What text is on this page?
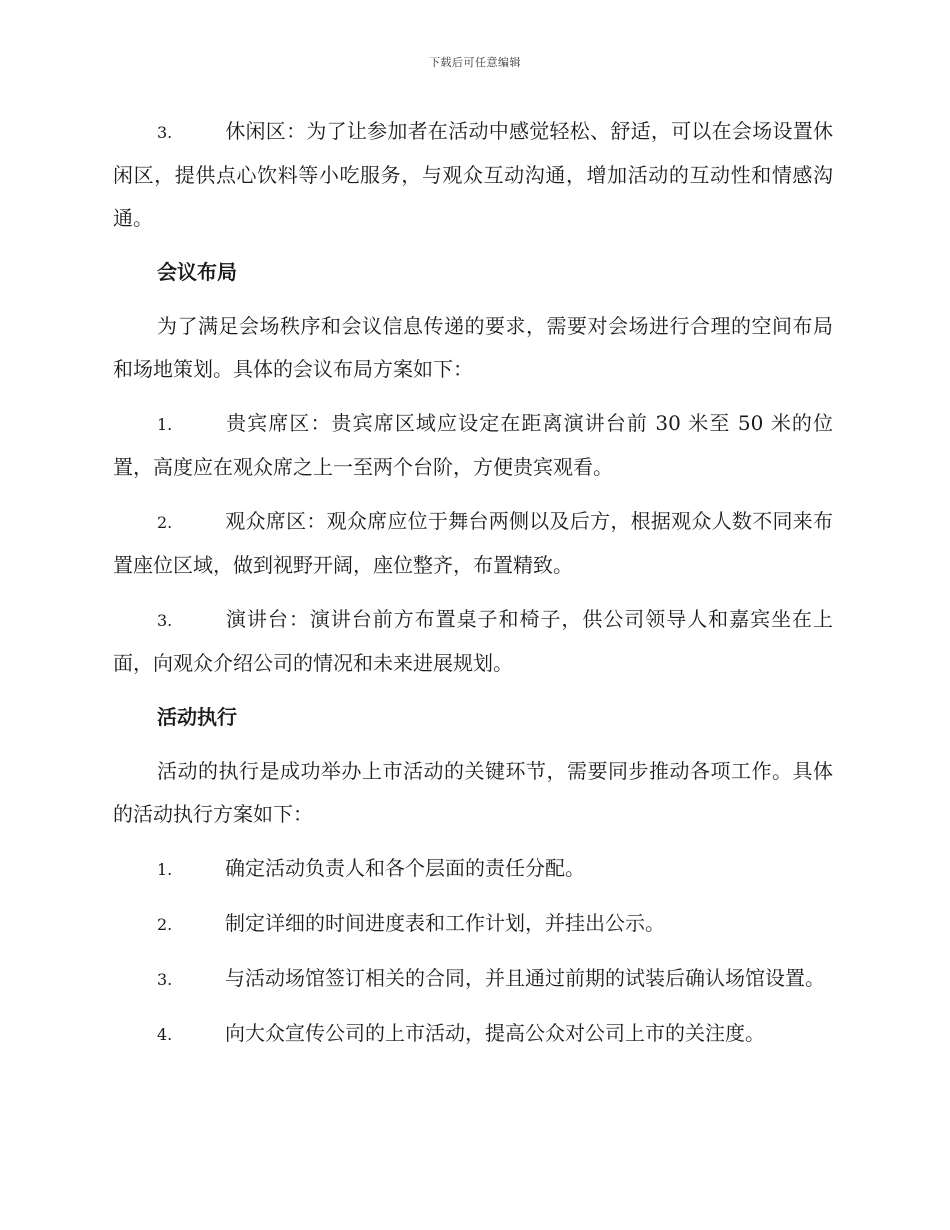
下载后可任意编辑

3.	休闲区：为了让参加者在活动中感觉轻松、舒适，可以在会场设置休闲区，提供点心饮料等小吃服务，与观众互动沟通，增加活动的互动性和情感沟通。

会议布局

为了满足会场秩序和会议信息传递的要求，需要对会场进行合理的空间布局和场地策划。具体的会议布局方案如下：

1.	贵宾席区：贵宾席区域应设定在距离演讲台前 30 米至 50 米的位置，高度应在观众席之上一至两个台阶，方便贵宾观看。

2.	观众席区：观众席应位于舞台两侧以及后方，根据观众人数不同来布置座位区域，做到视野开阔，座位整齐，布置精致。

3.	演讲台：演讲台前方布置桌子和椅子，供公司领导人和嘉宾坐在上面，向观众介绍公司的情况和未来进展规划。

活动执行

活动的执行是成功举办上市活动的关键环节，需要同步推动各项工作。具体的活动执行方案如下：

1.	确定活动负责人和各个层面的责任分配。

2.	制定详细的时间进度表和工作计划，并挂出公示。

3.	与活动场馆签订相关的合同，并且通过前期的试装后确认场馆设置。

4.	向大众宣传公司的上市活动，提高公众对公司上市的关注度。
